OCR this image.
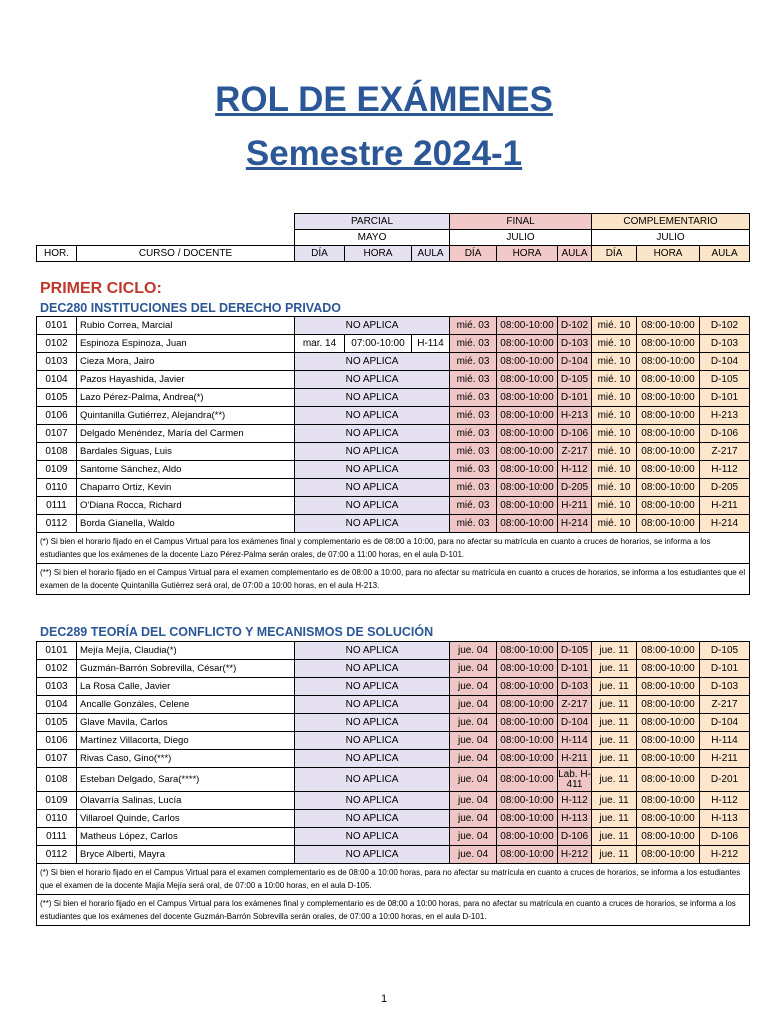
ROL DE EXÁMENES
Semestre 2024-1
		PARCIAL			FINAL			COMPLEMENTARIO		
		MAYO			JULIO			JULIO		
HOR.	CURSO / DOCENTE	DÍA	HORA	AULA	DÍA	HORA	AULA	DÍA	HORA	AULA
PRIMER CICLO:
DEC280 INSTITUCIONES DEL DERECHO PRIVADO
0101	Rubio Correa, Marcial	NO APLICA			mié. 03	08:00-10:00	D-102	mié. 10	08:00-10:00	D-102
0102	Espinoza Espinoza, Juan	mar. 14	07:00-10:00	H-114	mié. 03	08:00-10:00	D-103	mié. 10	08:00-10:00	D-103
0103	Cieza Mora, Jairo	NO APLICA			mié. 03	08:00-10:00	D-104	mié. 10	08:00-10:00	D-104
0104	Pazos Hayashida, Javier	NO APLICA			mié. 03	08:00-10:00	D-105	mié. 10	08:00-10:00	D-105
0105	Lazo Pérez-Palma, Andrea(*)	NO APLICA			mié. 03	08:00-10:00	D-101	mié. 10	08:00-10:00	D-101
0106	Quintanilla Gutiérrez, Alejandra(**)	NO APLICA			mié. 03	08:00-10:00	H-213	mié. 10	08:00-10:00	H-213
0107	Delgado Menéndez, María del Carmen	NO APLICA			mié. 03	08:00-10:00	D-106	mié. 10	08:00-10:00	D-106
0108	Bardales Siguas, Luis	NO APLICA			mié. 03	08:00-10:00	Z-217	mié. 10	08:00-10:00	Z-217
0109	Santome Sánchez, Aldo	NO APLICA			mié. 03	08:00-10:00	H-112	mié. 10	08:00-10:00	H-112
0110	Chaparro Ortiz, Kevin	NO APLICA			mié. 03	08:00-10:00	D-205	mié. 10	08:00-10:00	D-205
0111	O'Diana Rocca, Richard	NO APLICA			mié. 03	08:00-10:00	H-211	mié. 10	08:00-10:00	H-211
0112	Borda Gianella, Waldo	NO APLICA			mié. 03	08:00-10:00	H-214	mié. 10	08:00-10:00	H-214
(*) Si bien el horario fijado en el Campus Virtual para los exámenes final y complementario es de 08:00 a 10:00, para no afectar su matrícula en cuanto a cruces de horarios, se informa a los estudiantes que los exámenes de la docente Lazo Pérez-Palma serán orales, de 07:00 a 11:00 horas, en el aula D-101.										
(**) Si bien el horario fijado en el Campus Virtual para el examen complementario es de 08:00 a 10:00, para no afectar su matrícula en cuanto a cruces de horarios, se informa a los estudiantes que el examen de la docente Quintanilla Gutiérrez será oral, de 07:00 a 10:00 horas, en el aula H-213.										
DEC289 TEORÍA DEL CONFLICTO Y MECANISMOS DE SOLUCIÓN
0101	Mejía Mejía, Claudia(*)	NO APLICA	jue. 04	08:00-10:00	D-105	jue. 11	08:00-10:00	D-105
0102	Guzmán-Barrón Sobrevilla, César(**)	NO APLICA	jue. 04	08:00-10:00	D-101	jue. 11	08:00-10:00	D-101
0103	La Rosa Calle, Javier	NO APLICA	jue. 04	08:00-10:00	D-103	jue. 11	08:00-10:00	D-103
0104	Ancalle Gonzáles, Celene	NO APLICA	jue. 04	08:00-10:00	Z-217	jue. 11	08:00-10:00	Z-217
0105	Glave Mavila, Carlos	NO APLICA	jue. 04	08:00-10:00	D-104	jue. 11	08:00-10:00	D-104
0106	Martínez Villacorta, Diego	NO APLICA	jue. 04	08:00-10:00	H-114	jue. 11	08:00-10:00	H-114
0107	Rivas Caso, Gino(***)	NO APLICA	jue. 04	08:00-10:00	H-211	jue. 11	08:00-10:00	H-211
0108	Esteban Delgado, Sara(****)	NO APLICA	jue. 04	08:00-10:00	Lab. H-411	jue. 11	08:00-10:00	D-201
0109	Olavarría Salinas, Lucía	NO APLICA	jue. 04	08:00-10:00	H-112	jue. 11	08:00-10:00	H-112
0110	Villaroel Quinde, Carlos	NO APLICA	jue. 04	08:00-10:00	H-113	jue. 11	08:00-10:00	H-113
0111	Matheus López, Carlos	NO APLICA	jue. 04	08:00-10:00	D-106	jue. 11	08:00-10:00	D-106
0112	Bryce Alberti, Mayra	NO APLICA	jue. 04	08:00-10:00	H-212	jue. 11	08:00-10:00	H-212
(*) Si bien el horario fijado en el Campus Virtual para el examen complementario es de 08:00 a 10:00 horas, para no afectar su matrícula en cuanto a cruces de horarios, se informa a los estudiantes que el examen de la docente Majía Mejía será oral, de 07:00 a 10:00 horas, en el aula D-105.								
(**) Si bien el horario fijado en el Campus Virtual para los exámenes final y complementario es de 08:00 a 10:00 horas, para no afectar su matrícula en cuanto a cruces de horarios, se informa a los estudiantes que los exámenes del docente Guzmán-Barrón Sobrevilla serán orales, de 07:00 a 10:00 horas, en el aula D-101.								
1
